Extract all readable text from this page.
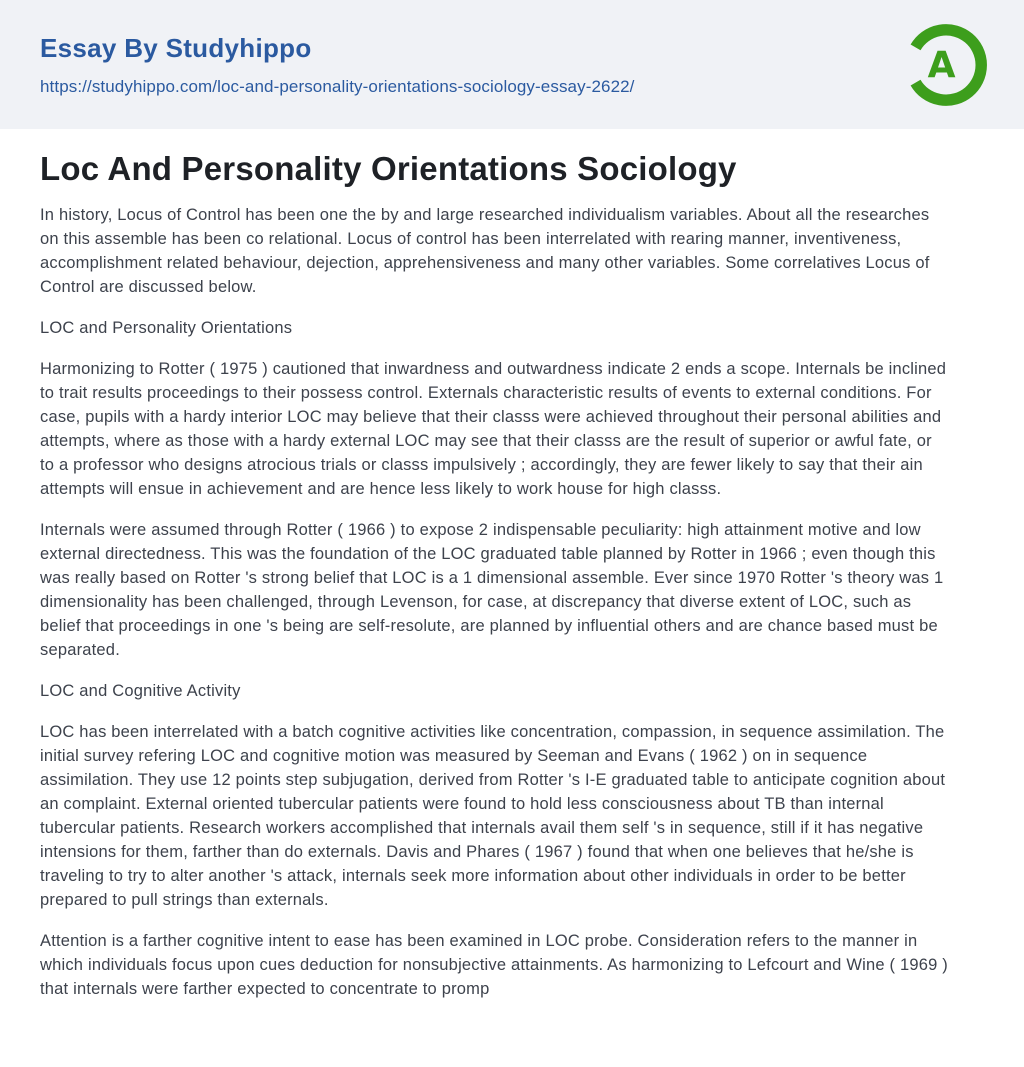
Essay By Studyhippo
https://studyhippo.com/loc-and-personality-orientations-sociology-essay-2622/
A
Loc And Personality Orientations Sociology

In history, Locus of Control has been one the by and large researched individualism variables. About all the researches on this assemble has been co relational. Locus of control has been interrelated with rearing manner, inventiveness, accomplishment related behaviour, dejection, apprehensiveness and many other variables. Some correlatives Locus of Control are discussed below.

LOC and Personality Orientations

Harmonizing to Rotter ( 1975 ) cautioned that inwardness and outwardness indicate 2 ends a scope. Internals be inclined to trait results proceedings to their possess control. Externals characteristic results of events to external conditions. For case, pupils with a hardy interior LOC may believe that their classs were achieved throughout their personal abilities and attempts, where as those with a hardy external LOC may see that their classs are the result of superior or awful fate, or to a professor who designs atrocious trials or classs impulsively ; accordingly, they are fewer likely to say that their ain attempts will ensue in achievement and are hence less likely to work house for high classs.

Internals were assumed through Rotter ( 1966 ) to expose 2 indispensable peculiarity: high attainment motive and low external directedness. This was the foundation of the LOC graduated table planned by Rotter in 1966 ; even though this was really based on Rotter 's strong belief that LOC is a 1 dimensional assemble. Ever since 1970 Rotter 's theory was 1 dimensionality has been challenged, through Levenson, for case, at discrepancy that diverse extent of LOC, such as belief that proceedings in one 's being are self-resolute, are planned by influential others and are chance based must be separated.

LOC and Cognitive Activity

LOC has been interrelated with a batch cognitive activities like concentration, compassion, in sequence assimilation. The initial survey refering LOC and cognitive motion was measured by Seeman and Evans ( 1962 ) on in sequence assimilation. They use 12 points step subjugation, derived from Rotter 's I-E graduated table to anticipate cognition about an complaint. External oriented tubercular patients were found to hold less consciousness about TB than internal tubercular patients. Research workers accomplished that internals avail them self 's in sequence, still if it has negative intensions for them, farther than do externals. Davis and Phares ( 1967 ) found that when one believes that he/she is traveling to try to alter another 's attack, internals seek more information about other individuals in order to be better prepared to pull strings than externals.

Attention is a farther cognitive intent to ease has been examined in LOC probe. Consideration refers to the manner in which individuals focus upon cues deduction for nonsubjective attainments. As harmonizing to Lefcourt and Wine ( 1969 ) that internals were farther expected to concentrate to promp
